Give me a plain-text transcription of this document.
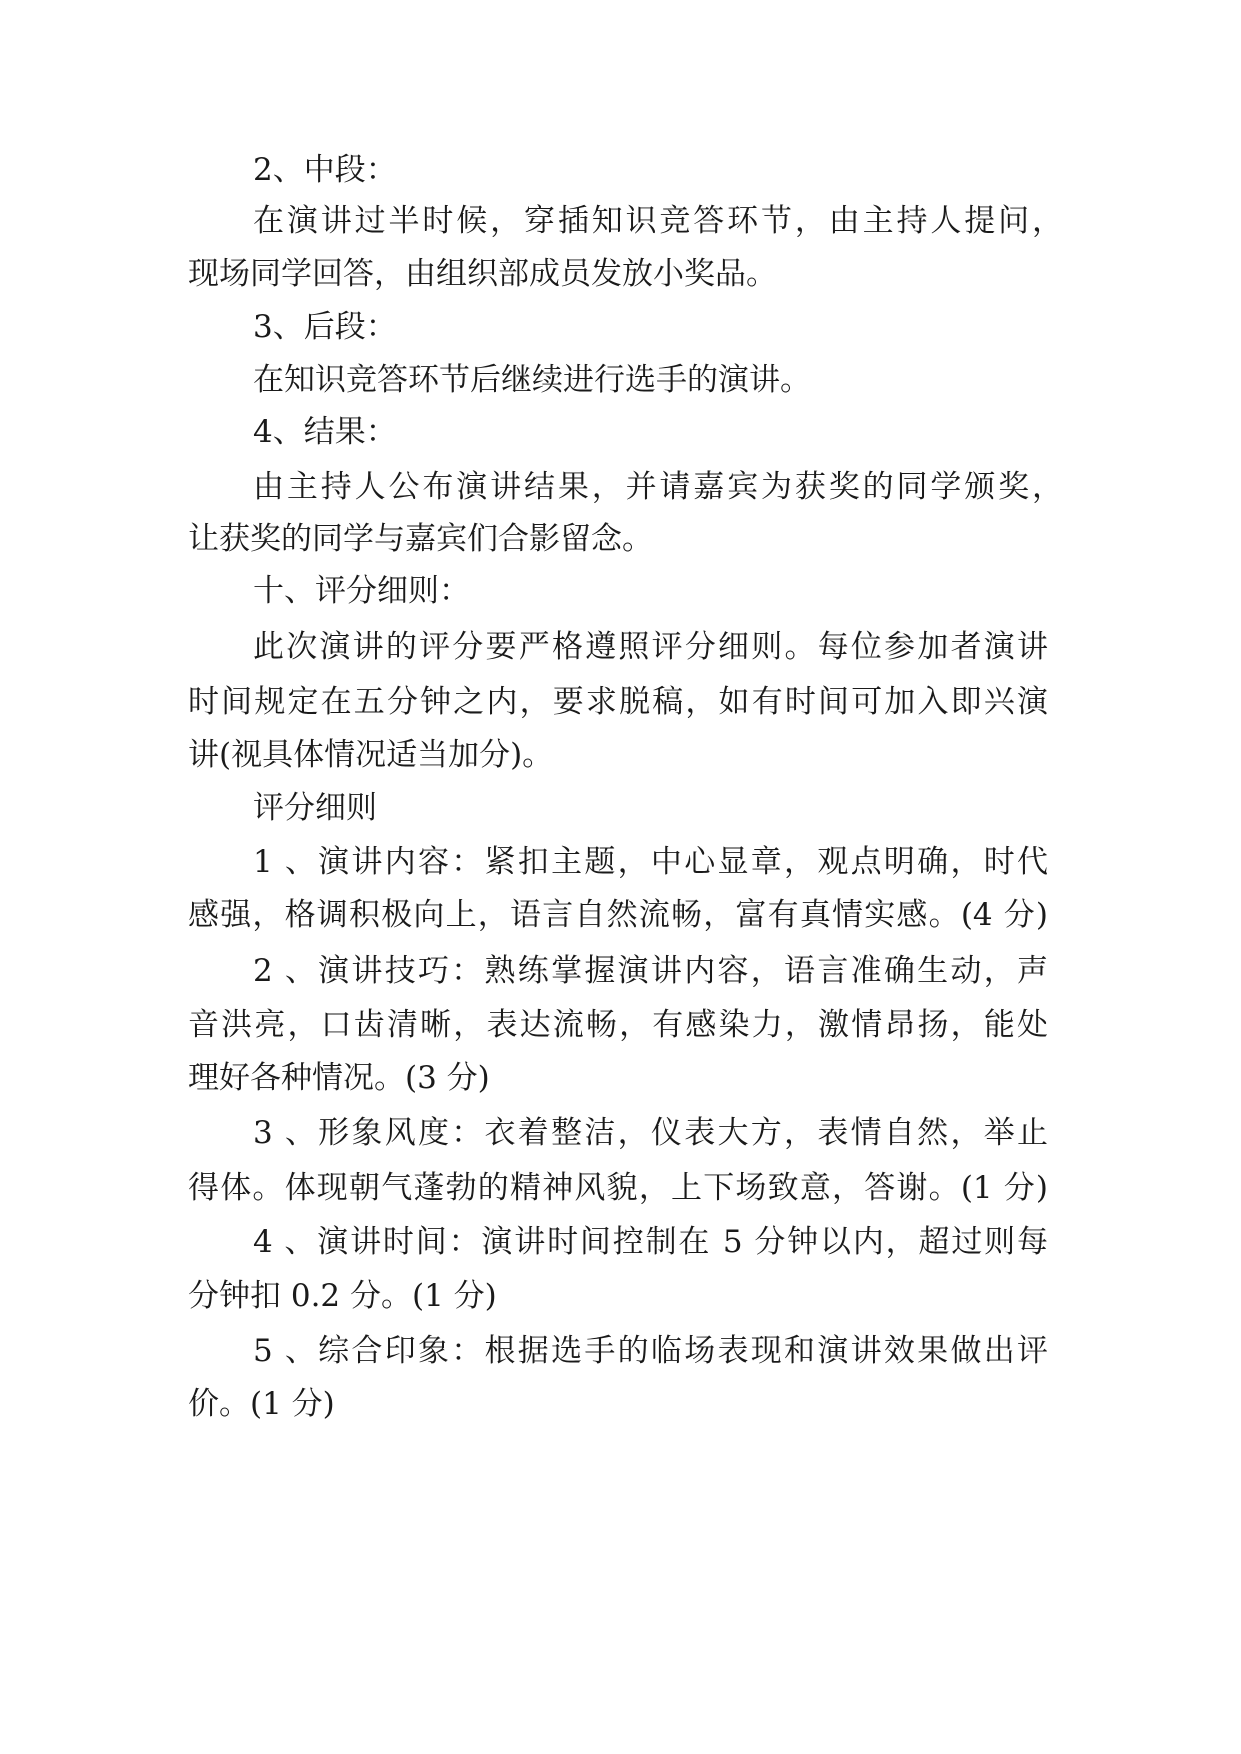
2、中段：
在演讲过半时候，穿插知识竞答环节，由主持人提问，
现场同学回答，由组织部成员发放小奖品。
3、后段：
在知识竞答环节后继续进行选手的演讲。
4、结果：
由主持人公布演讲结果，并请嘉宾为获奖的同学颁奖，
让获奖的同学与嘉宾们合影留念。
十、评分细则：
此次演讲的评分要严格遵照评分细则。每位参加者演讲
时间规定在五分钟之内，要求脱稿，如有时间可加入即兴演
讲(视具体情况适当加分)。
评分细则
1 、演讲内容：紧扣主题，中心显章，观点明确，时代
感强，格调积极向上，语言自然流畅，富有真情实感。(4 分)
2 、演讲技巧：熟练掌握演讲内容，语言准确生动，声
音洪亮，口齿清晰，表达流畅，有感染力，激情昂扬，能处
理好各种情况。(3 分)
3 、形象风度：衣着整洁，仪表大方，表情自然，举止
得体。体现朝气蓬勃的精神风貌，上下场致意，答谢。(1 分)
4 、演讲时间：演讲时间控制在 5 分钟以内，超过则每
分钟扣 0.2 分。(1 分)
5 、综合印象：根据选手的临场表现和演讲效果做出评
价。(1 分)
